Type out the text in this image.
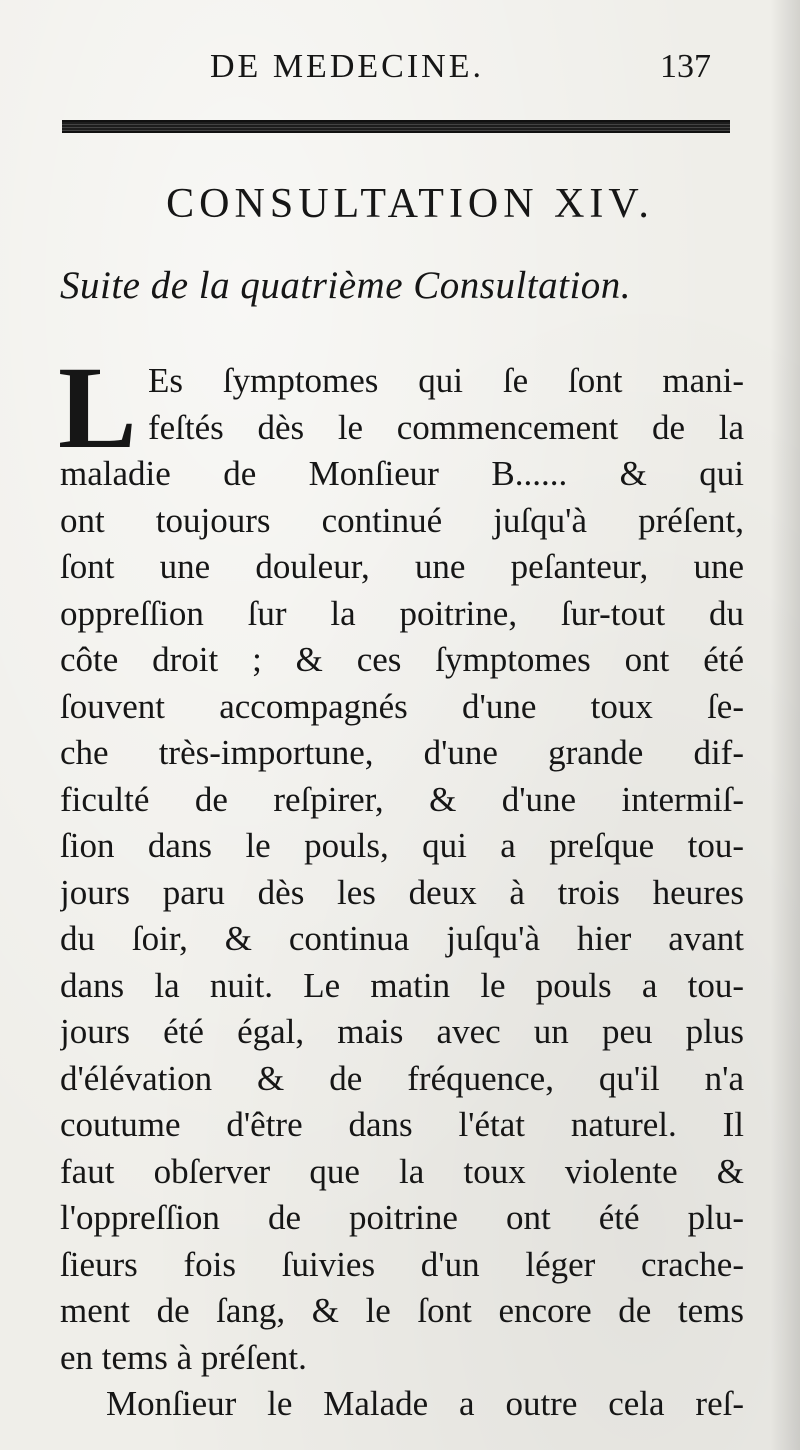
DE MEDECINE.	137
CONSULTATION XIV.
Suite de la quatrième Consultation.
L Es ſymptomes qui ſe ſont mani-
feſtés dès le commencement de la
maladie de Monſieur B...... & qui
ont toujours continué juſqu'à préſent,
ſont une douleur, une peſanteur, une
oppreſſion ſur la poitrine, ſur-tout du
côte droit ; & ces ſymptomes ont été
ſouvent accompagnés d'une toux ſe-
che très-importune, d'une grande dif-
ficulté de reſpirer, & d'une intermiſ-
ſion dans le pouls, qui a preſque tou-
jours paru dès les deux à trois heures
du ſoir, & continua juſqu'à hier avant
dans la nuit. Le matin le pouls a tou-
jours été égal, mais avec un peu plus
d'élévation & de fréquence, qu'il n'a
coutume d'être dans l'état naturel. Il
faut obſerver que la toux violente &
l'oppreſſion de poitrine ont été plu-
ſieurs fois ſuivies d'un léger crache-
ment de ſang, & le ſont encore de tems
en tems à préſent.
Monſieur le Malade a outre cela reſ-
